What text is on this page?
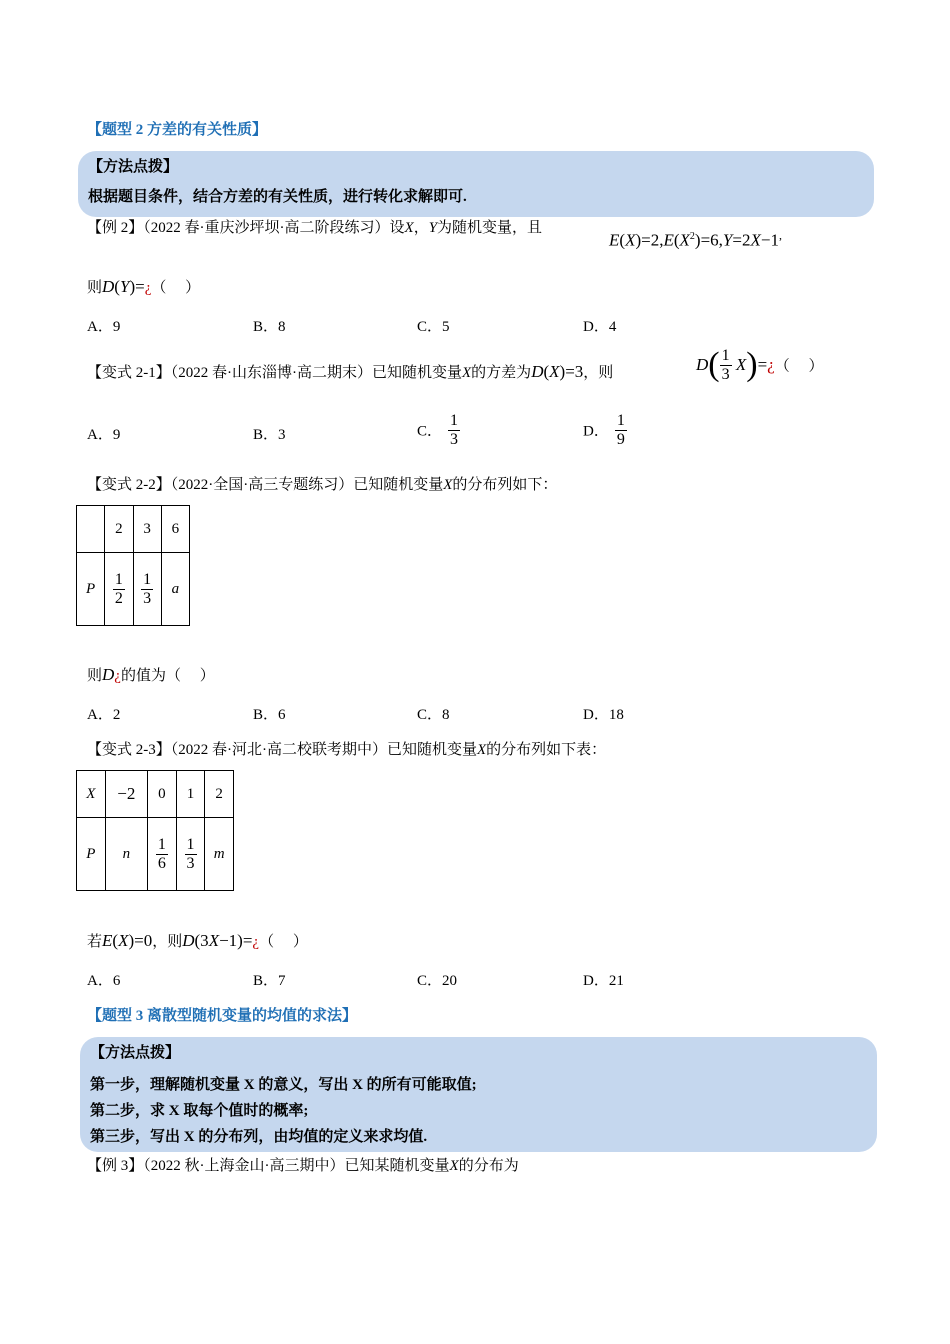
【题型 2 方差的有关性质】
【方法点拨】
根据题目条件，结合方差的有关性质，进行转化求解即可.
【例 2】（2022 春·重庆沙坪坝·高二阶段练习）设X，Y为随机变量，且
$E(X)=2,E(X^2)=6,Y=2X-1^,$
则D(Y)=¿（　 ）
A．9	B．8	C．5	D．4
【变式 2-1】（2022 春·山东淄博·高二期末）已知随机变量X的方差为D(X)=3，则	$D( \frac{1}{3}$ X)=¿（　 ）
A．9	B．3	C． $\frac{1}{3}$	D． $\frac{1}{9}$
【变式 2-2】（2022·全国·高三专题练习）已知随机变量X的分布列如下：
	2	3	6
P	$\frac{1}{2}$	$\frac{1}{3}$	a
则D¿的值为（　 ）
A．2	B．6	C．8	D．18
【变式 2-3】（2022 春·河北·高二校联考期中）已知随机变量X的分布列如下表：
X	−2	0	1	2
P	n	$\frac{1}{6}$	$\frac{1}{3}$	m
若E(X)=0，则D(3X−1)=¿（　 ）
A．6	B．7	C．20	D．21
【题型 3 离散型随机变量的均值的求法】
【方法点拨】
第一步，理解随机变量 X 的意义，写出 X 的所有可能取值;
第二步，求 X 取每个值时的概率;
第三步，写出 X 的分布列，由均值的定义来求均值.
【例 3】（2022 秋·上海金山·高三期中）已知某随机变量X的分布为
